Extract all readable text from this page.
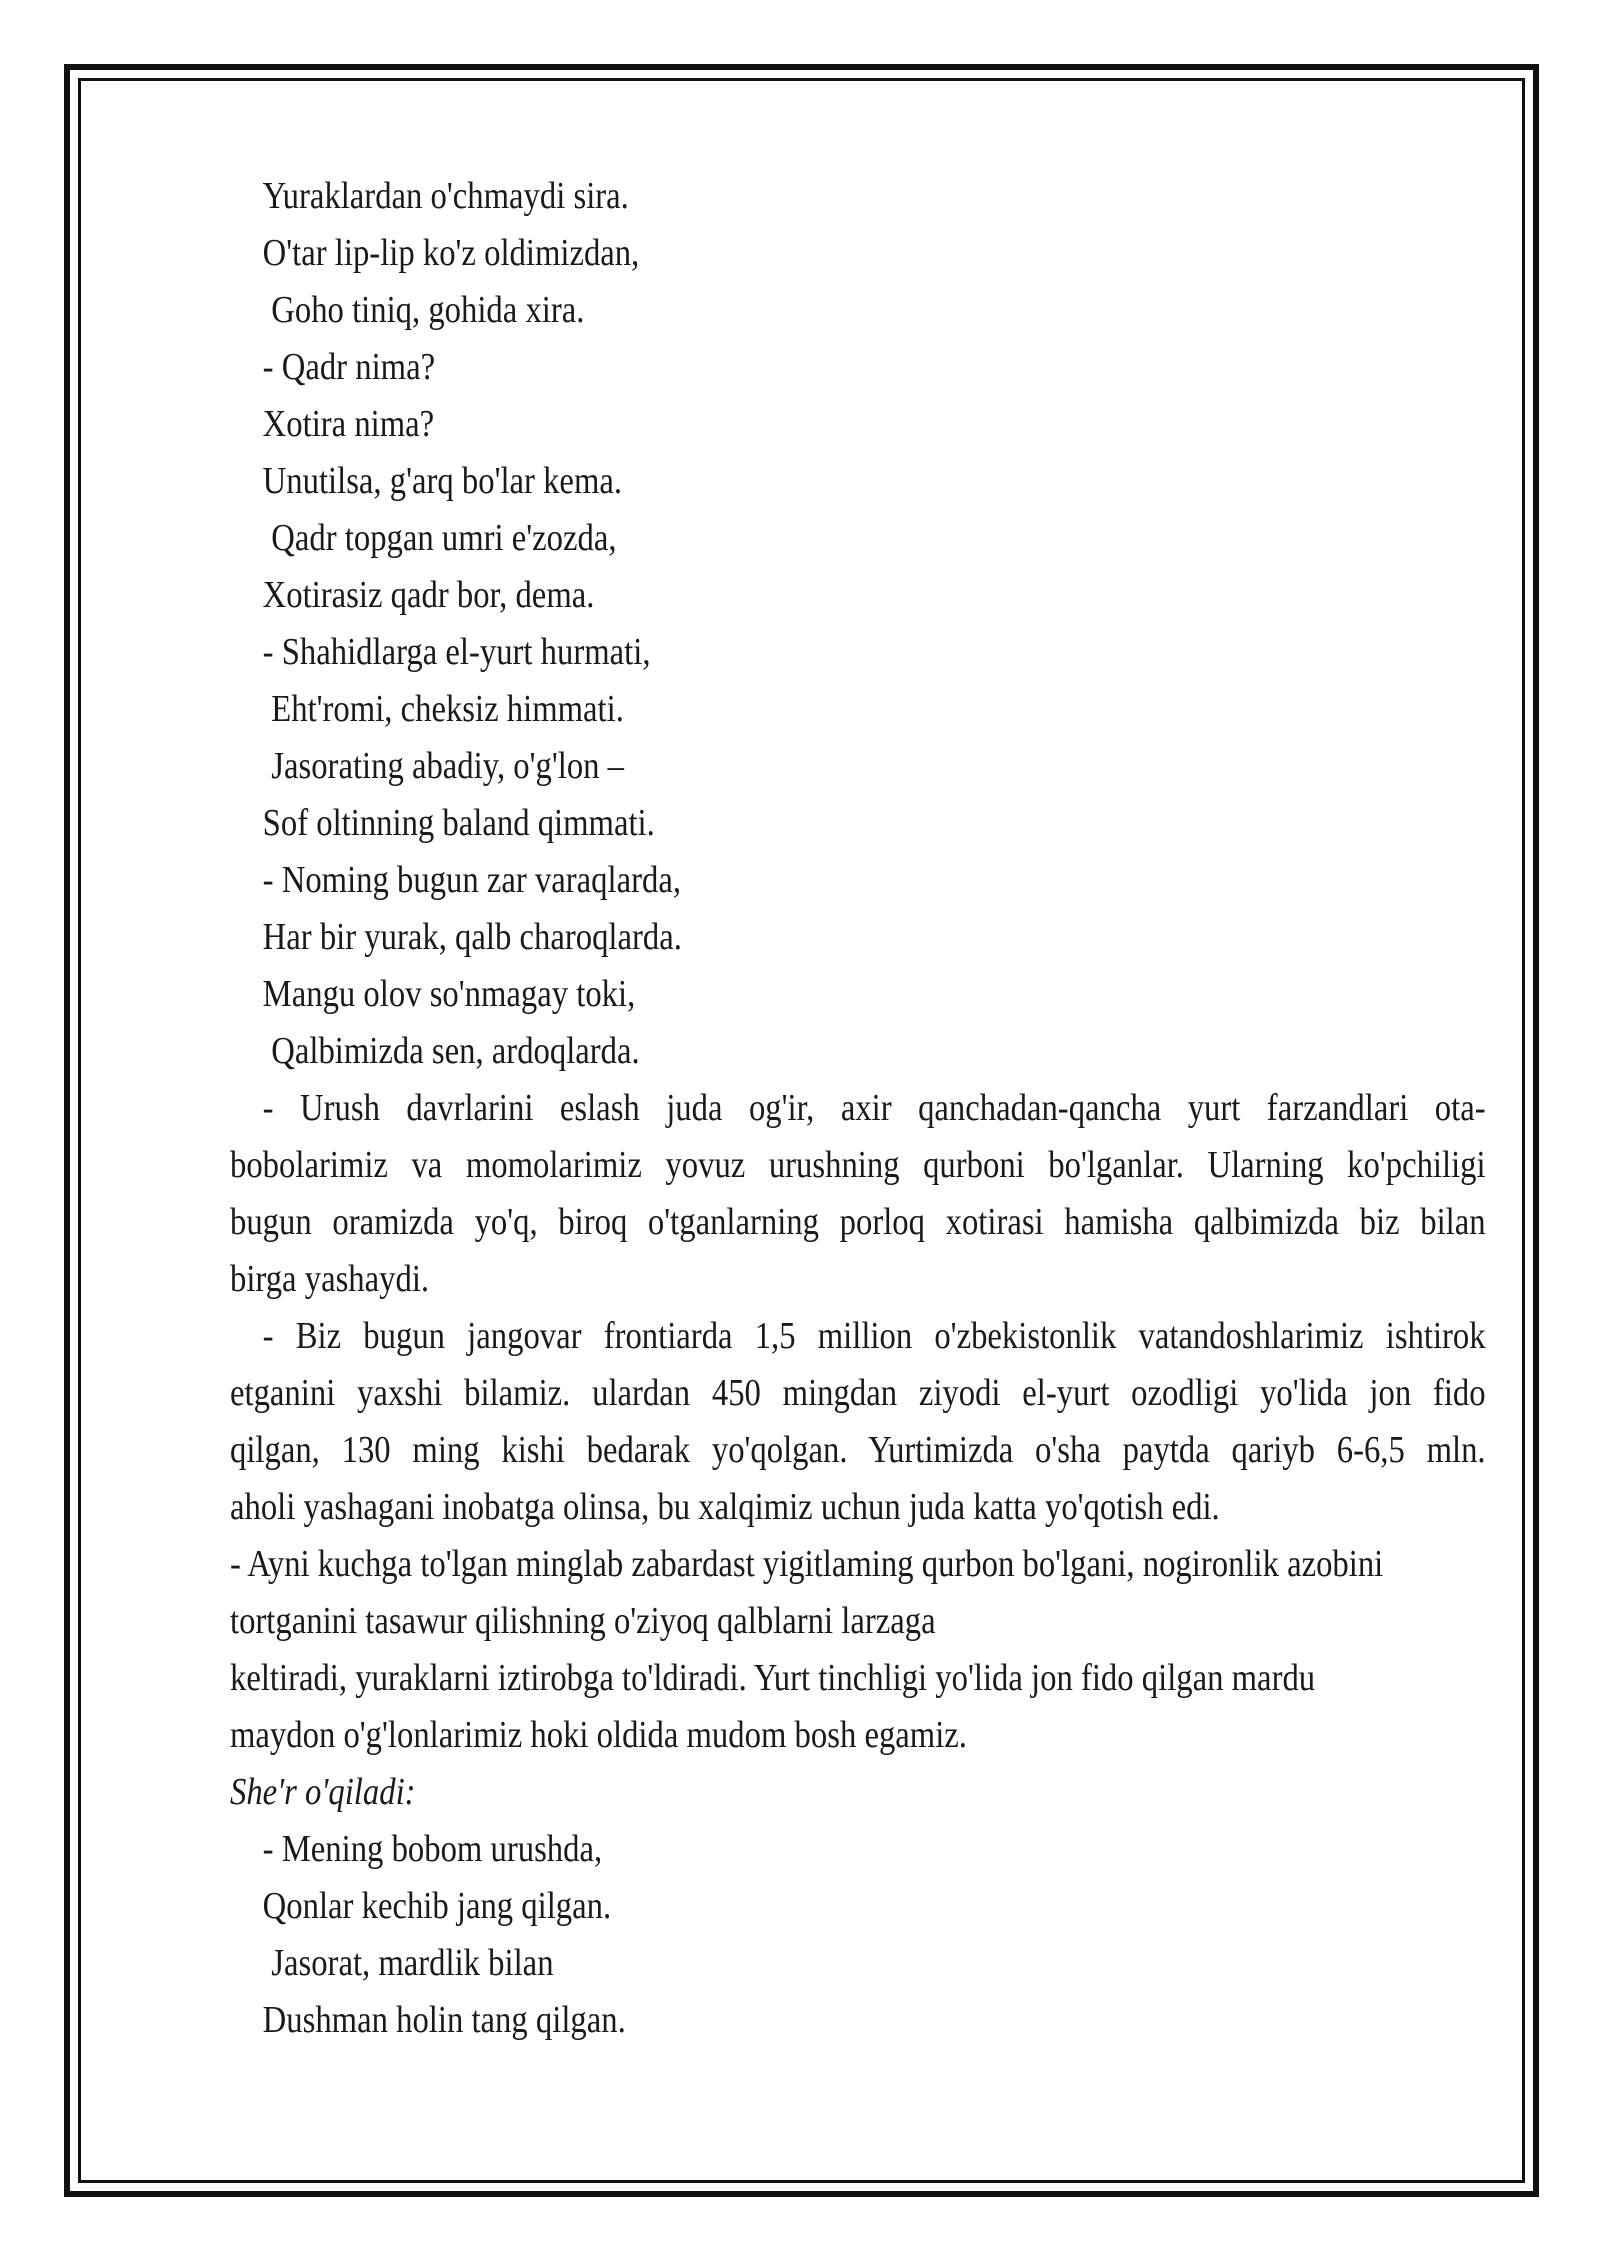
Yuraklardan o'chmaydi sira.
O'tar lip-lip ko'z oldimizdan,
Goho tiniq, gohida xira.
- Qadr nima?
Xotira nima?
Unutilsa, g'arq bo'lar kema.
Qadr topgan umri e'zozda,
Xotirasiz qadr bor, dema.
- Shahidlarga el-yurt hurmati,
Eht'romi, cheksiz himmati.
Jasorating abadiy, o'g'lon –
Sof oltinning baland qimmati.
- Noming bugun zar varaqlarda,
Har bir yurak, qalb charoqlarda.
Mangu olov so'nmagay toki,
Qalbimizda sen, ardoqlarda.
- Urush davrlarini eslash juda og'ir, axir qanchadan-qancha yurt farzandlari ota-
bobolarimiz va momolarimiz yovuz urushning qurboni bo'lganlar. Ularning ko'pchiligi
bugun oramizda yo'q, biroq o'tganlarning porloq xotirasi hamisha qalbimizda biz bilan
birga yashaydi.
- Biz bugun jangovar frontiarda 1,5 million o'zbekistonlik vatandoshlarimiz ishtirok
etganini yaxshi bilamiz. ulardan 450 mingdan ziyodi el-yurt ozodligi yo'lida jon fido
qilgan, 130 ming kishi bedarak yo'qolgan. Yurtimizda o'sha paytda qariyb 6-6,5 mln.
aholi yashagani inobatga olinsa, bu xalqimiz uchun juda katta yo'qotish edi.
- Ayni kuchga to'lgan minglab zabardast yigitlaming qurbon bo'lgani, nogironlik azobini
tortganini tasawur qilishning o'ziyoq qalblarni larzaga
keltiradi, yuraklarni iztirobga to'ldiradi. Yurt tinchligi yo'lida jon fido qilgan mardu
maydon o'g'lonlarimiz hoki oldida mudom bosh egamiz.
She'r o'qiladi:
- Mening bobom urushda,
Qonlar kechib jang qilgan.
Jasorat, mardlik bilan
Dushman holin tang qilgan.
